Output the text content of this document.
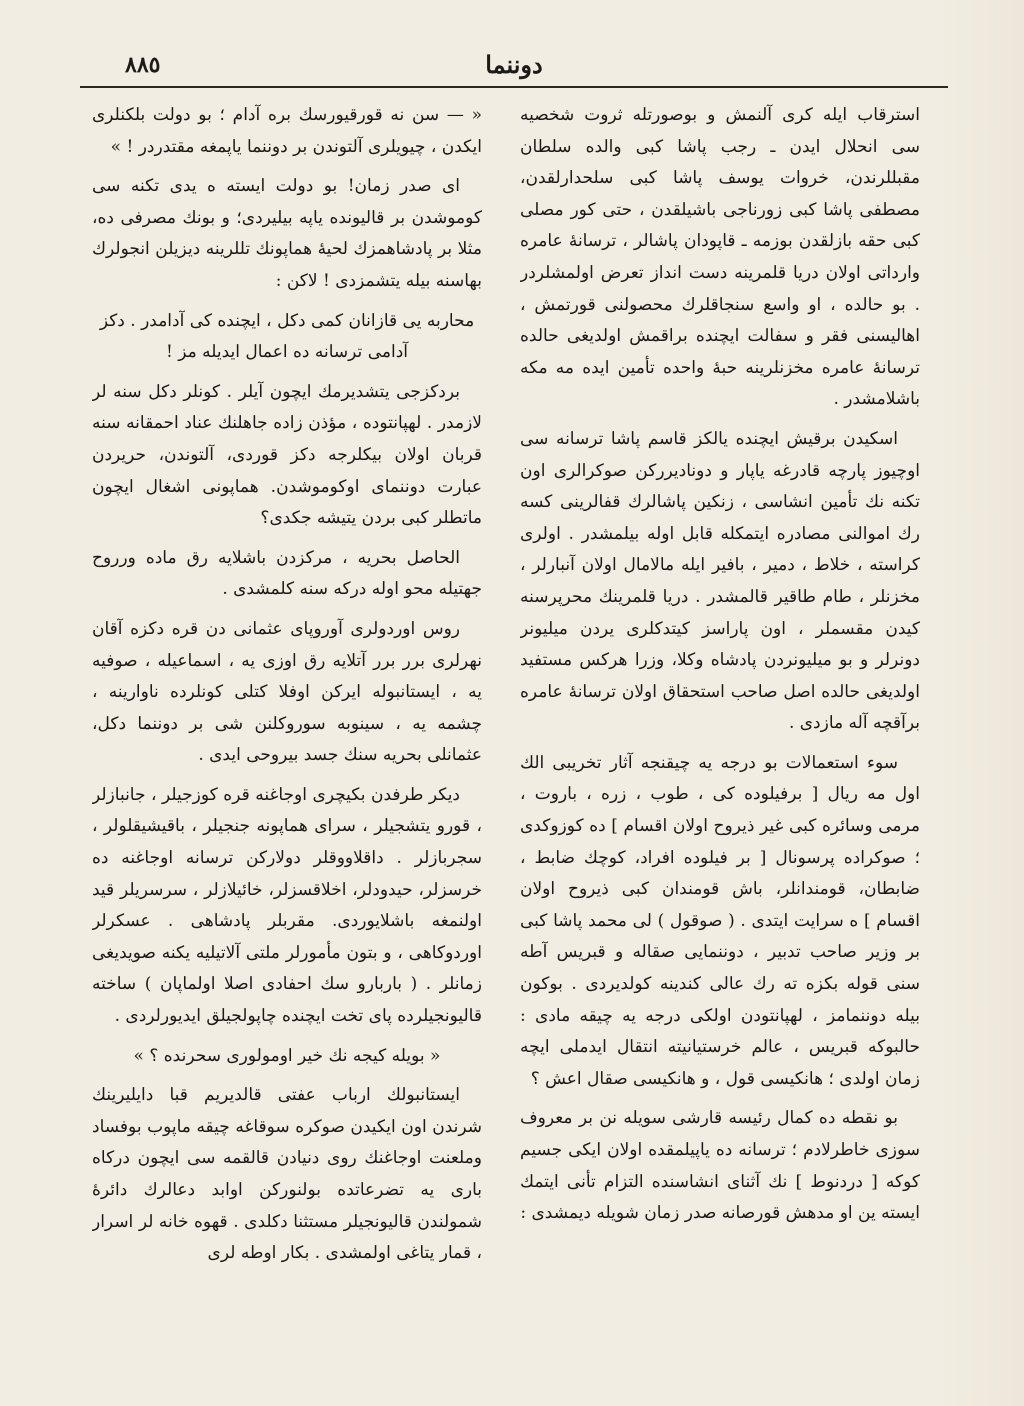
دوننما
٨٨٥

استرقاب ايله كرى آلنمش و بوصورتله ثروت شخصيه سى انحلال ايدن ـ رجب پاشا كبى والده سلطان مقبللرندن، خروات يوسف پاشا كبى سلحدارلقدن، مصطفى پاشا كبى زورناجى باشيلقدن ، حتى كور مصلى كبى حقه بازلقدن بوزمه ـ قاپودان پاشالر ، ترسانهٔ عامره وارداتى اولان دريا قلمرينه دست انداز تعرض اولمشلردر . بو حالده ، او واسع سنجاقلرك محصولنى قورتمش ، اهاليسنى فقر و سفالت ايچنده براقمش اولديغى حالده ترسانهٔ عامره مخزنلرينه حبهٔ واحده تأمين ايده مه مكه باشلامشدر .

اسكيدن برقيش ايچنده يالكز قاسم پاشا ترسانه سى اوچيوز پارچه قادرغه ياپار و دوناديرركن صوكرالرى اون تكنه نك تأمين انشاسى ، زنكين پاشالرك قفالرينى كسه رك اموالنى مصادره ايتمكله قابل اوله بيلمشدر . اولرى كراسته ، خلاط ، دمير ، بافير ايله مالامال اولان آنبارلر ، مخزنلر ، طام طاقير قالمشدر . دريا قلمرينك محرپرسنه كيدن مقسملر ، اون پاراسز كيتدكلرى يردن ميليونر دونرلر و بو ميليونردن پادشاه وكلا، وزرا هركس مستفيد اولديغى حالده اصل صاحب استحقاق اولان ترسانهٔ عامره برآقچه آله مازدى .

سوء استعمالات بو درجه يه چيقنجه آثار تخريبى الك اول مه ريال [ برفيلوده كى ، طوب ، زره ، باروت ، مرمى وسائره كبى غير ذيروح اولان اقسام ] ده كوزوكدى ؛ صوكراده پرسونال [ بر فيلوده افراد، كوچك ضابط ، ضابطان، قومندانلر، باش قومندان كبى ذيروح اولان اقسام ] ه سرايت ايتدى . ( صوقول ) لى محمد پاشا كبى بر وزير صاحب تدبير ، دوننمايى صقاله و قبريس آطه سنى قوله بكزه ته رك عالى كندينه كولديردى . بوكون بيله دوننمامز ، لهپانتودن اولكى درجه يه چيقه مادى : حالبوكه قبريس ، عالم خرستيانيته انتقال ايدملى ايچه زمان اولدى ؛ هانكيسى قول ، و هانكيسى صقال اعش ؟

بو نقطه ده كمال رئيسه قارشى سويله نن بر معروف سوزى خاطرلادم ؛ ترسانه ده ياپيلمقده اولان ايكى جسيم كوكه [ دردنوط ] نك آثناى انشاسنده التزام تأنى ايتمك ايسته ين او مدهش قورصانه صدر زمان شويله ديمشدى :

« — سن نه قورقيورسك بره آدام ؛ بو دولت بلكنلرى ايكدن ، چيويلرى آلتوندن بر دوننما ياپمغه مقتدردر ! »

اى صدر زمان! بو دولت ايسته ه يدى تكنه سى كوموشدن بر قاليونده ياپه بيليردى؛ و بونك مصرفى ده، مثلا بر پادشاهمزك لحيهٔ هماپونك تللرينه ديزيلن انجولرك بهاسنه بيله يتشمزدى ! لاكن :

محاربه يى قازانان كمى دكل ، ايچنده كى آدامدر . دكز آدامى ترسانه ده اعمال ايديله مز !

بردكزجى يتشديرمك ايچون آيلر . كونلر دكل سنه لر لازمدر . لهپانتوده ، مؤذن زاده جاهلنك عناد احمقانه سنه قربان اولان بيكلرجه دكز قوردى، آلتوندن، حريردن عبارت دوننماى اوكوموشدن. هماپونى اشغال ايچون ماتطلر كبى بردن يتيشه جكدى؟

الحاصل بحريه ، مركزدن باشلايه رق ماده ورروح جهتيله محو اوله دركه سنه كلمشدى .

روس اوردولرى آوروپاى عثمانى دن قره دكزه آقان نهرلرى برر برر آتلايه رق اوزى يه ، اسماعيله ، صوفيه يه ، ايستانبوله ايركن اوفلا كتلى كونلرده ناوارينه ، چشمه يه ، سينوبه سوروكلنن شى بر دوننما دكل، عثمانلى بحريه سنك جسد بيروحى ايدى .

ديكر طرفدن بكيچرى اوجاغنه قره كوزجيلر ، جانبازلر ، قورو يتشجيلر ، سراى هماپونه جنجيلر ، باقيشيقلولر ، سجربازلر . داقلاووقلر دولاركن ترسانه اوجاغنه ده خرسزلر، حيدودلر، اخلاقسزلر، خائيلازلر ، سرسريلر قيد اولنمغه باشلايوردى. مقربلر پادشاهى . عسكرلر اوردوكاهى ، و بتون مأمورلر ملتى آلاتيليه يكنه صويديغى زمانلر . ( باربارو سك احفادى اصلا اولماپان ) ساخته قاليونجيلرده پاى تخت ايچنده چاپولجيلق ايديورلردى .

« بويله كيجه نك خير اومولورى سحرنده ؟ »

ايستانبولك ارباب عفتى قالديريم قبا دايليرينك شرندن اون ايكيدن صوكره سوقاغه چيقه ماپوب بوفساد وملعنت اوجاغنك روى دنيادن قالقمه سى ايچون دركاه بارى يه تضرعاتده بولنوركن اوابد دعالرك دائرهٔ شمولندن قاليونجيلر مستثنا دكلدى . قهوه خانه لر اسرار ، قمار يتاغى اولمشدى . بكار اوطه لرى
